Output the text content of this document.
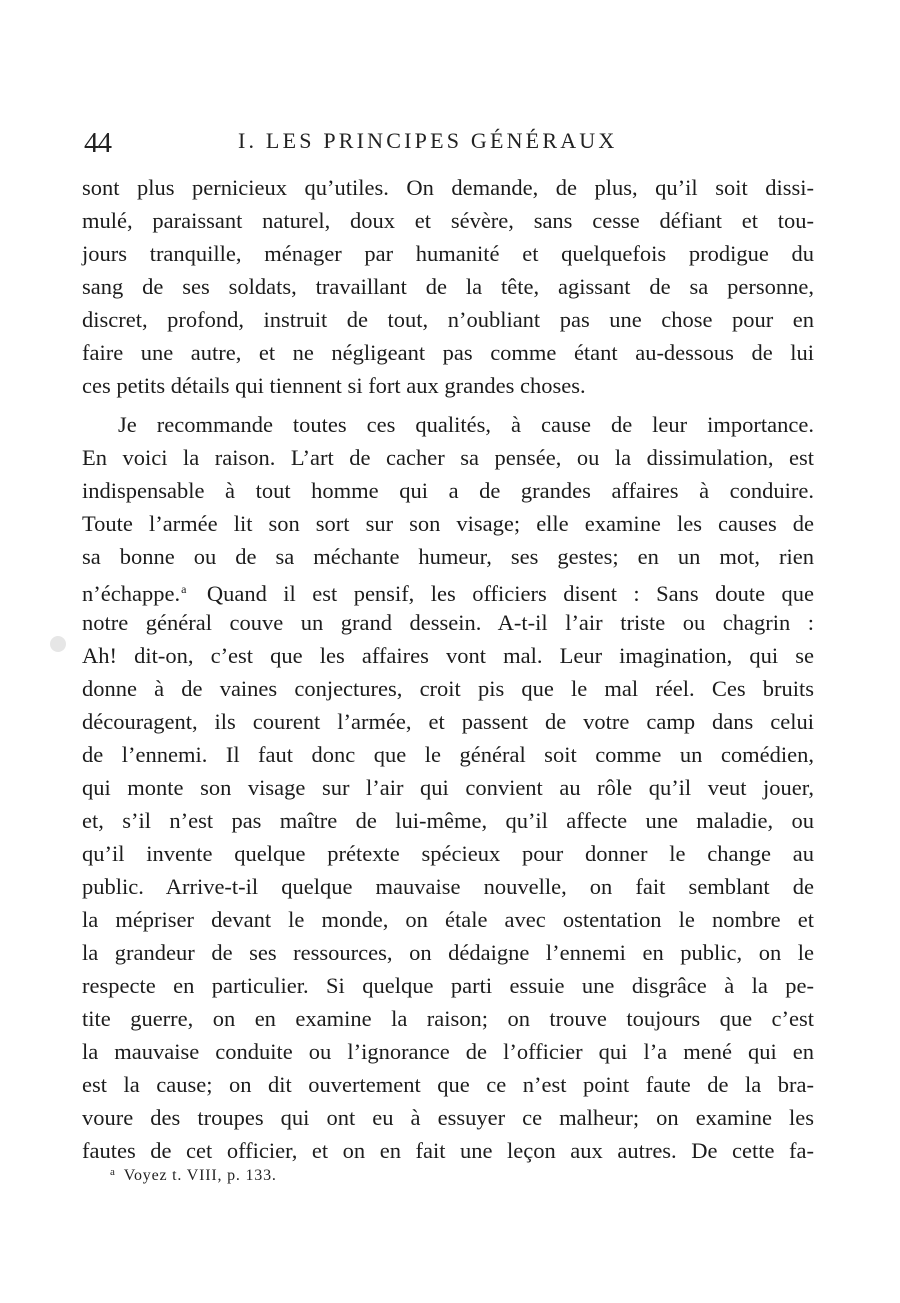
44	I. LES PRINCIPES GÉNÉRAUX
sont plus pernicieux qu’utiles. On demande, de plus, qu’il soit dissi-
mulé, paraissant naturel, doux et sévère, sans cesse défiant et tou-
jours tranquille, ménager par humanité et quelquefois prodigue du
sang de ses soldats, travaillant de la tête, agissant de sa personne,
discret, profond, instruit de tout, n’oubliant pas une chose pour en
faire une autre, et ne négligeant pas comme étant au-dessous de lui
ces petits détails qui tiennent si fort aux grandes choses.
Je recommande toutes ces qualités, à cause de leur importance.
En voici la raison. L’art de cacher sa pensée, ou la dissimulation, est
indispensable à tout homme qui a de grandes affaires à conduire.
Toute l’armée lit son sort sur son visage; elle examine les causes de
sa bonne ou de sa méchante humeur, ses gestes; en un mot, rien
n’échappe.$^a$ Quand il est pensif, les officiers disent : Sans doute que
notre général couve un grand dessein. A-t-il l’air triste ou chagrin :
Ah! dit-on, c’est que les affaires vont mal. Leur imagination, qui se
donne à de vaines conjectures, croit pis que le mal réel. Ces bruits
découragent, ils courent l’armée, et passent de votre camp dans celui
de l’ennemi. Il faut donc que le général soit comme un comédien,
qui monte son visage sur l’air qui convient au rôle qu’il veut jouer,
et, s’il n’est pas maître de lui-même, qu’il affecte une maladie, ou
qu’il invente quelque prétexte spécieux pour donner le change au
public. Arrive-t-il quelque mauvaise nouvelle, on fait semblant de
la mépriser devant le monde, on étale avec ostentation le nombre et
la grandeur de ses ressources, on dédaigne l’ennemi en public, on le
respecte en particulier. Si quelque parti essuie une disgrâce à la pe-
tite guerre, on en examine la raison; on trouve toujours que c’est
la mauvaise conduite ou l’ignorance de l’officier qui l’a mené qui en
est la cause; on dit ouvertement que ce n’est point faute de la bra-
voure des troupes qui ont eu à essuyer ce malheur; on examine les
fautes de cet officier, et on en fait une leçon aux autres. De cette fa-
$^a$ Voyez t. VIII, p. 133.
